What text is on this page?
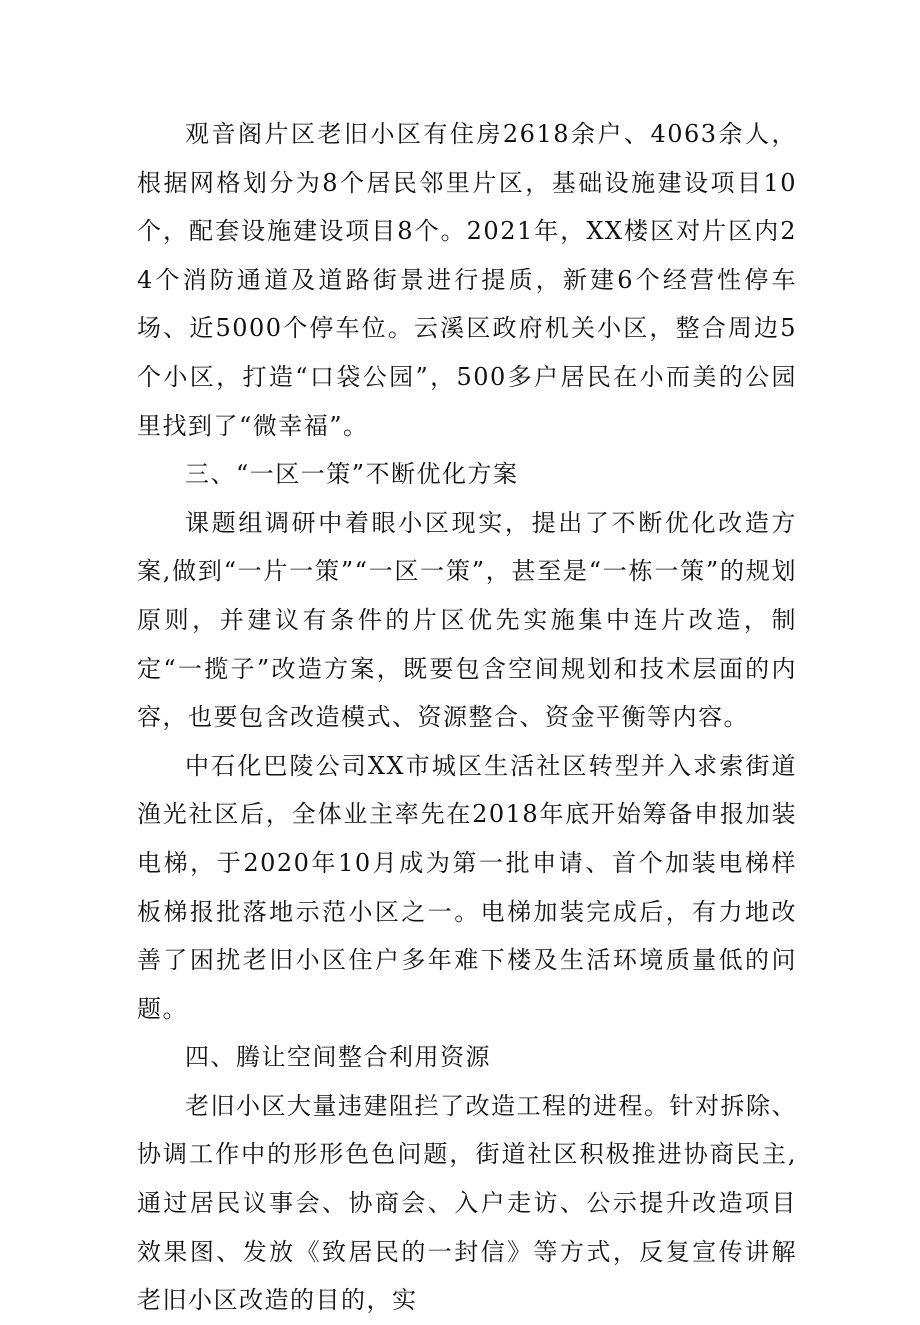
观音阁片区老旧小区有住房2618余户、4063余人，根据网格划分为8个居民邻里片区，基础设施建设项目10个，配套设施建设项目8个。2021年，XX楼区对片区内24个消防通道及道路街景进行提质，新建6个经营性停车场、近5000个停车位。云溪区政府机关小区，整合周边5个小区，打造“口袋公园”，500多户居民在小而美的公园里找到了“微幸福”。

三、“一区一策”不断优化方案

课题组调研中着眼小区现实，提出了不断优化改造方案,做到“一片一策”“一区一策”，甚至是“一栋一策”的规划原则，并建议有条件的片区优先实施集中连片改造，制定“一揽子”改造方案，既要包含空间规划和技术层面的内容，也要包含改造模式、资源整合、资金平衡等内容。

中石化巴陵公司XX市城区生活社区转型并入求索街道渔光社区后，全体业主率先在2018年底开始筹备申报加装电梯，于2020年10月成为第一批申请、首个加装电梯样板梯报批落地示范小区之一。电梯加装完成后，有力地改善了困扰老旧小区住户多年难下楼及生活环境质量低的问题。

四、腾让空间整合利用资源

老旧小区大量违建阻拦了改造工程的进程。针对拆除、协调工作中的形形色色问题，街道社区积极推进协商民主,通过居民议事会、协商会、入户走访、公示提升改造项目效果图、发放《致居民的一封信》等方式，反复宣传讲解老旧小区改造的目的，实
